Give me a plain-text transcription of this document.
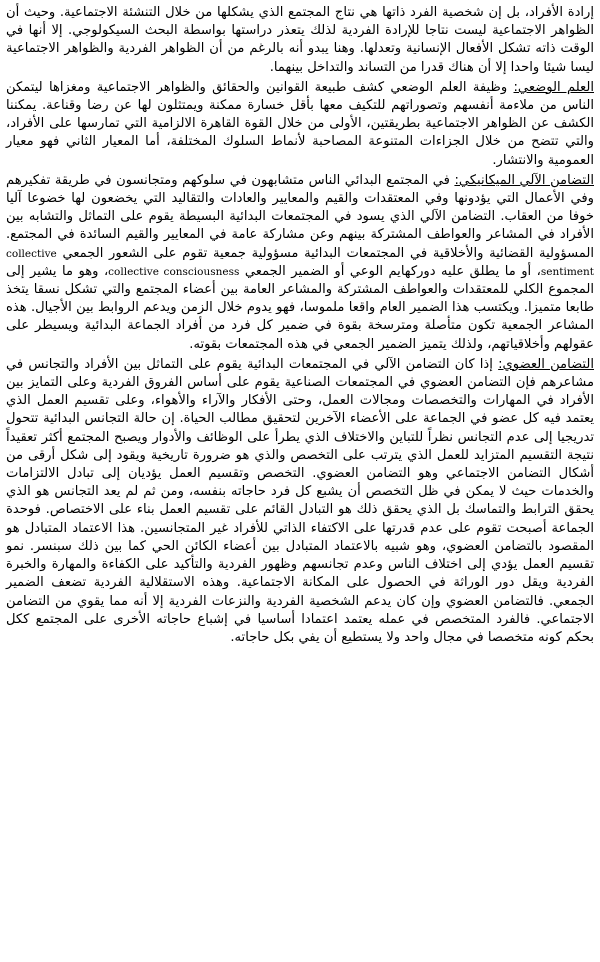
إرادة الأفراد، بل إن شخصية الفرد ذاتها هي نتاج المجتمع الذي يشكلها من خلال التنشئة الاجتماعية. وحيث أن الظواهر الاجتماعية ليست نتاجا للإرادة الفردية لذلك يتعذر دراستها بواسطة البحث السيكولوجي. إلا أنها في الوقت ذاته تشكل الأفعال الإنسانية وتعدلها. وهنا يبدو أنه بالرغم من أن الظواهر الفردية والظواهر الاجتماعية ليسا شيئا واحدا إلا أن هناك قدرا من التساند والتداخل بينهما.

العلم الوضعي: وظيفة العلم الوضعي كشف طبيعة القوانين والحقائق والظواهر الاجتماعية ومغزاها ليتمكن الناس من ملاءمة أنفسهم وتصوراتهم للتكيف معها بأقل خسارة ممكنة ويمتثلون لها عن رضا وقناعة. يمكننا الكشف عن الظواهر الاجتماعية بطريقتين، الأولى من خلال القوة القاهرة الالزامية التي تمارسها على الأفراد، والتي تتضح من خلال الجزاءات المتنوعة المصاحبة لأنماط السلوك المختلفة، أما المعيار الثاني فهو معيار العمومية والانتشار.

التضامن الآلي الميكانيكي: في المجتمع البدائي الناس متشابهون في سلوكهم ومتجانسون في طريقة تفكيرهم وفي الأعمال التي يؤدونها وفي المعتقدات والقيم والمعايير والعادات والتقاليد التي يخضعون لها خضوعا آليا خوفا من العقاب. التضامن الآلي الذي يسود في المجتمعات البدائية البسيطة يقوم على التماثل والتشابه بين الأفراد في المشاعر والعواطف المشتركة بينهم وعن مشاركة عامة في المعايير والقيم السائدة في المجتمع. المسؤولية القضائية والأخلاقية في المجتمعات البدائية مسؤولية جمعية تقوم على الشعور الجمعي collective sentiment، أو ما يطلق عليه دوركهايم الوعي أو الضمير الجمعي collective consciousness، وهو ما يشير إلى المجموع الكلي للمعتقدات والعواطف المشتركة والمشاعر العامة بين أعضاء المجتمع والتي تشكل نسقا يتخذ طابعا متميزا. ويكتسب هذا الضمير العام واقعا ملموسا، فهو يدوم خلال الزمن ويدعم الروابط بين الأجيال. هذه المشاعر الجمعية تكون متأصلة ومترسخة بقوة في ضمير كل فرد من أفراد الجماعة البدائية ويسيطر على عقولهم وأخلاقياتهم، ولذلك يتميز الضمير الجمعي في هذه المجتمعات بقوته.

التضامن العضوي: إذا كان التضامن الآلي في المجتمعات البدائية يقوم على التماثل بين الأفراد والتجانس في مشاعرهم فإن التضامن العضوي في المجتمعات الصناعية يقوم على أساس الفروق الفردية وعلى التمايز بين الأفراد في المهارات والتخصصات ومجالات العمل، وحتى الأفكار والآراء والأهواء، وعلى تقسيم العمل الذي يعتمد فيه كل عضو في الجماعة على الأعضاء الآخرين لتحقيق مطالب الحياة. إن حالة التجانس البدائية تتحول تدريجيا إلى عدم التجانس نظراً للتباين والاختلاف الذي يطرأ على الوظائف والأدوار ويصبح المجتمع أكثر تعقيداً نتيجة التقسيم المتزايد للعمل الذي يترتب على التخصص والذي هو ضرورة تاريخية ويقود إلى شكل أرقى من أشكال التضامن الاجتماعي وهو التضامن العضوي. التخصص وتقسيم العمل يؤديان إلى تبادل الالتزامات والخدمات حيث لا يمكن في ظل التخصص أن يشبع كل فرد حاجاته بنفسه، ومن ثم لم يعد التجانس هو الذي يحقق الترابط والتماسك بل الذي يحقق ذلك هو التبادل القائم على تقسيم العمل بناء على الاختصاص. فوحدة الجماعة أصبحت تقوم على عدم قدرتها على الاكتفاء الذاتي للأفراد غير المتجانسين. هذا الاعتماد المتبادل هو المقصود بالتضامن العضوي، وهو شبيه بالاعتماد المتبادل بين أعضاء الكائن الحي كما بين ذلك سبنسر. نمو تقسيم العمل يؤدي إلى اختلاف الناس وعدم تجانسهم وظهور الفردية والتأكيد على الكفاءة والمهارة والخبرة الفردية ويقل دور الوراثة في الحصول على المكانة الاجتماعية. وهذه الاستقلالية الفردية تضعف الضمير الجمعي. فالتضامن العضوي وإن كان يدعم الشخصية الفردية والنزعات الفردية إلا أنه مما يقوي من التضامن الاجتماعي. فالفرد المتخصص في عمله يعتمد اعتمادا أساسيا في إشباع حاجاته الأخرى على المجتمع ككل بحكم كونه متخصصا في مجال واحد ولا يستطيع أن يفي بكل حاجاته.
